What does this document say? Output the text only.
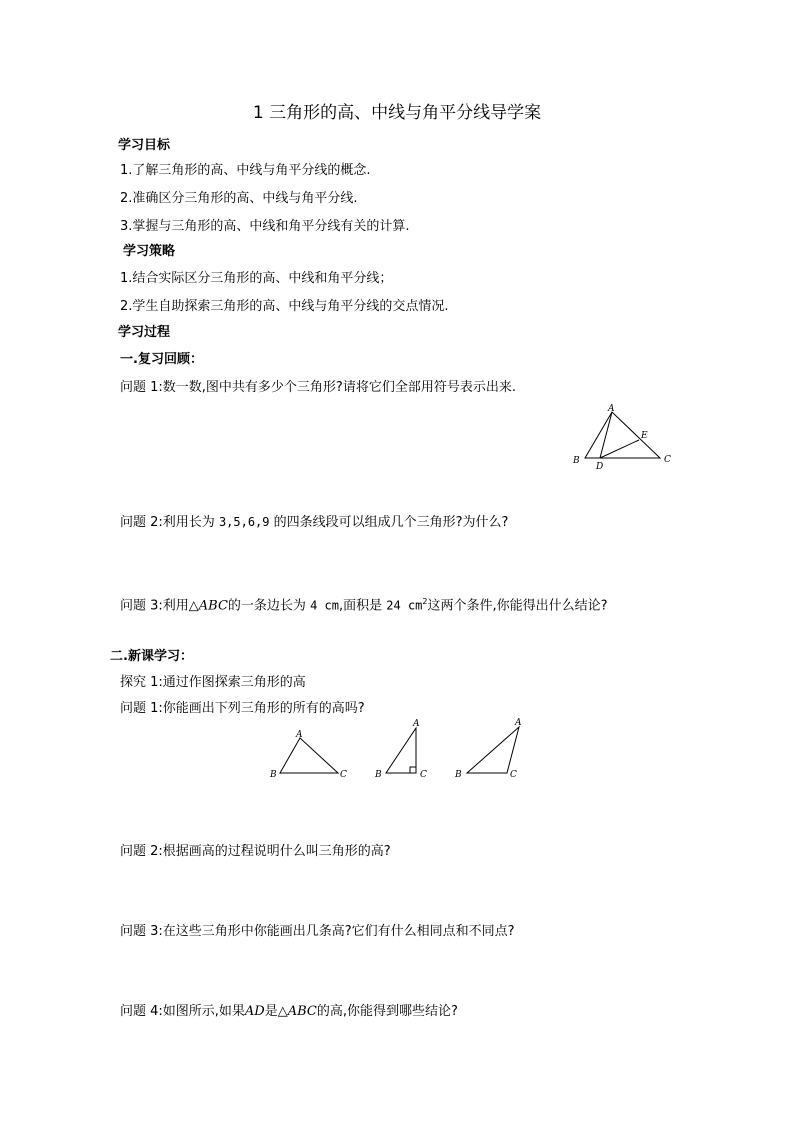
1 三角形的高、中线与角平分线导学案
学习目标
1.了解三角形的高、中线与角平分线的概念.
2.准确区分三角形的高、中线与角平分线.
3.掌握与三角形的高、中线和角平分线有关的计算.
学习策略
1.结合实际区分三角形的高、中线和角平分线；
2.学生自助探索三角形的高、中线与角平分线的交点情况.
学习过程
一.复习回顾：
问题 1:数一数,图中共有多少个三角形?请将它们全部用符号表示出来.
A
E
B
D
C
问题 2:利用长为 3,5,6,9 的四条线段可以组成几个三角形?为什么?
问题 3:利用△ABC的一条边长为 4 cm,面积是 24 $cm^2$这两个条件,你能得出什么结论?
二.新课学习：
探究 1:通过作图探索三角形的高
问题 1:你能画出下列三角形的所有的高吗?
A
B	C
A
B	C
A
B	C
问题 2:根据画高的过程说明什么叫三角形的高?
问题 3:在这些三角形中你能画出几条高?它们有什么相同点和不同点?
问题 4:如图所示,如果AD是△ABC的高,你能得到哪些结论?
